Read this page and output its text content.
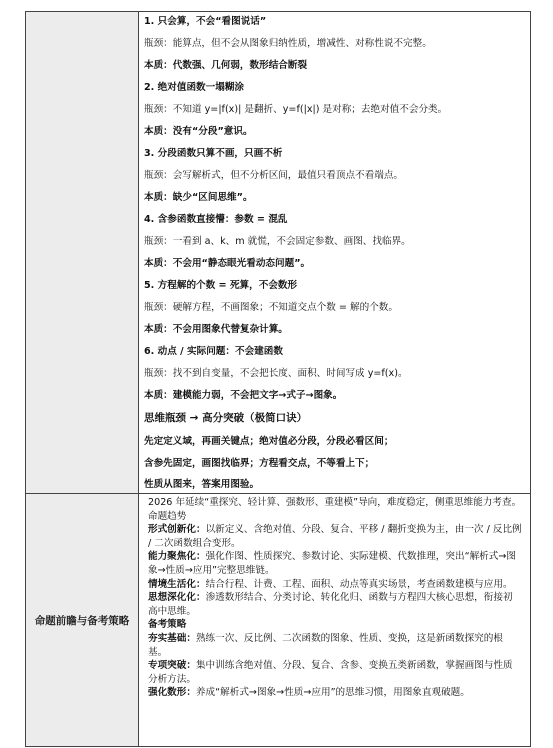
命题前瞻与备考策略
1. 只会算，不会“看图说话”
瓶颈：能算点，但不会从图象归纳性质，增减性、对称性说不完整。
本质：代数强、几何弱，数形结合断裂
2. 绝对值函数一塌糊涂
瓶颈：不知道 y=|f(x)| 是翻折、y=f(|x|) 是对称；去绝对值不会分类。
本质：没有“分段”意识。
3. 分段函数只算不画，只画不析
瓶颈：会写解析式，但不分析区间，最值只看顶点不看端点。
本质：缺少“区间思维”。
4. 含参函数直接懵：参数 = 混乱
瓶颈：一看到 a、k、m 就慌，不会固定参数、画图、找临界。
本质：不会用“静态眼光看动态问题”。
5. 方程解的个数 = 死算，不会数形
瓶颈：硬解方程，不画图象；不知道交点个数 = 解的个数。
本质：不会用图象代替复杂计算。
6. 动点 / 实际问题：不会建函数
瓶颈：找不到自变量，不会把长度、面积、时间写成 y=f(x)。
本质：建模能力弱，不会把文字→式子→图象。
思维瓶颈 → 高分突破（极简口诀）
先定定义域，再画关键点；绝对值必分段，分段必看区间；
含参先固定，画图找临界；方程看交点，不等看上下；
性质从图来，答案用图验。

2026 年延续“重探究、轻计算、强数形、重建模”导向，难度稳定，侧重思维能力考查。

命题趋势

形式创新化：以新定义、含绝对值、分段、复合、平移 / 翻折变换为主，由一次 / 反比例 / 二次函数组合变形。

能力聚焦化：强化作图、性质探究、参数讨论、实际建模、代数推理，突出“解析式→图象→性质→应用”完整思维链。

情境生活化：结合行程、计费、工程、面积、动点等真实场景，考查函数建模与应用。

思想深化化：渗透数形结合、分类讨论、转化化归、函数与方程四大核心思想，衔接初高中思维。

备考策略

夯实基础：熟练一次、反比例、二次函数的图象、性质、变换，这是新函数探究的根基。

专项突破：集中训练含绝对值、分段、复合、含参、变换五类新函数，掌握画图与性质分析方法。

强化数形：养成“解析式→图象→性质→应用”的思维习惯，用图象直观破题。
